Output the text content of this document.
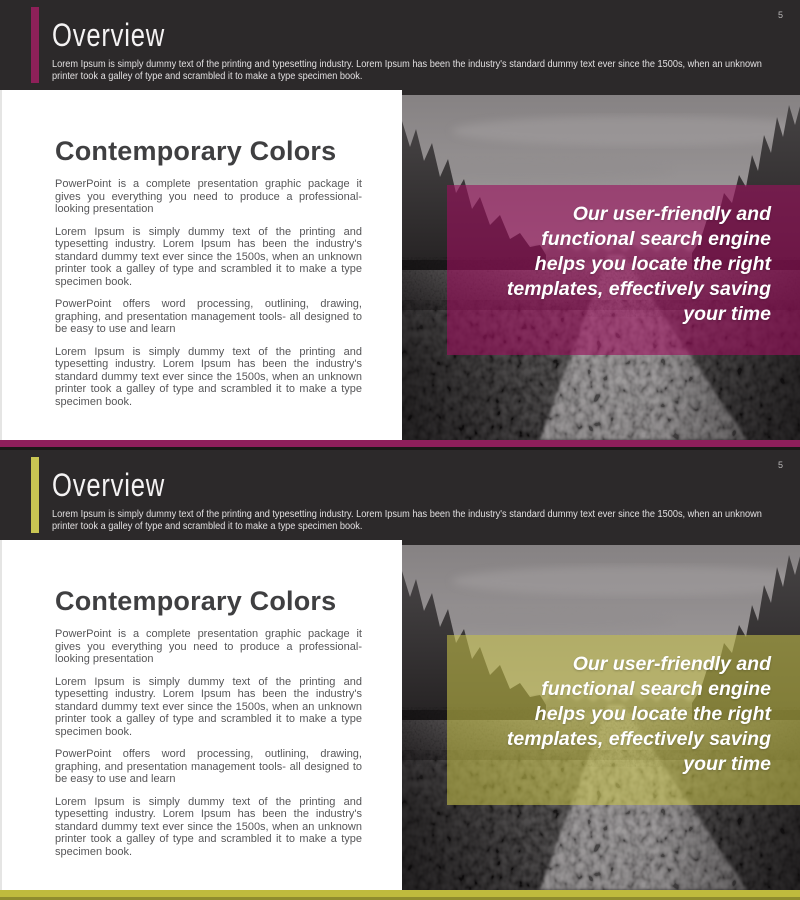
Overview

Lorem Ipsum is simply dummy text of the printing and typesetting industry. Lorem Ipsum has been the industry's standard dummy text ever since the 1500s, when an unknown
printer took a galley of type and scrambled it to make a type specimen book.

5
Contemporary Colors

PowerPoint is a complete presentation graphic package it gives you everything you need to produce a professional-looking presentation

Lorem Ipsum is simply dummy text of the printing and typesetting industry. Lorem Ipsum has been the industry's standard dummy text ever since the 1500s, when an unknown printer took a galley of type and scrambled it to make a type specimen book.

PowerPoint offers word processing, outlining, drawing, graphing, and presentation management tools- all designed to be easy to use and learn

Lorem Ipsum is simply dummy text of the printing and typesetting industry. Lorem Ipsum has been the industry's standard dummy text ever since the 1500s, when an unknown printer took a galley of type and scrambled it to make a type specimen book.

Our user-friendly and
functional search engine
helps you locate the right
templates, effectively saving
your time
Overview

Lorem Ipsum is simply dummy text of the printing and typesetting industry. Lorem Ipsum has been the industry's standard dummy text ever since the 1500s, when an unknown
printer took a galley of type and scrambled it to make a type specimen book.

5
Contemporary Colors

PowerPoint is a complete presentation graphic package it gives you everything you need to produce a professional-looking presentation

Lorem Ipsum is simply dummy text of the printing and typesetting industry. Lorem Ipsum has been the industry's standard dummy text ever since the 1500s, when an unknown printer took a galley of type and scrambled it to make a type specimen book.

PowerPoint offers word processing, outlining, drawing, graphing, and presentation management tools- all designed to be easy to use and learn

Lorem Ipsum is simply dummy text of the printing and typesetting industry. Lorem Ipsum has been the industry's standard dummy text ever since the 1500s, when an unknown printer took a galley of type and scrambled it to make a type specimen book.

Our user-friendly and
functional search engine
helps you locate the right
templates, effectively saving
your time
